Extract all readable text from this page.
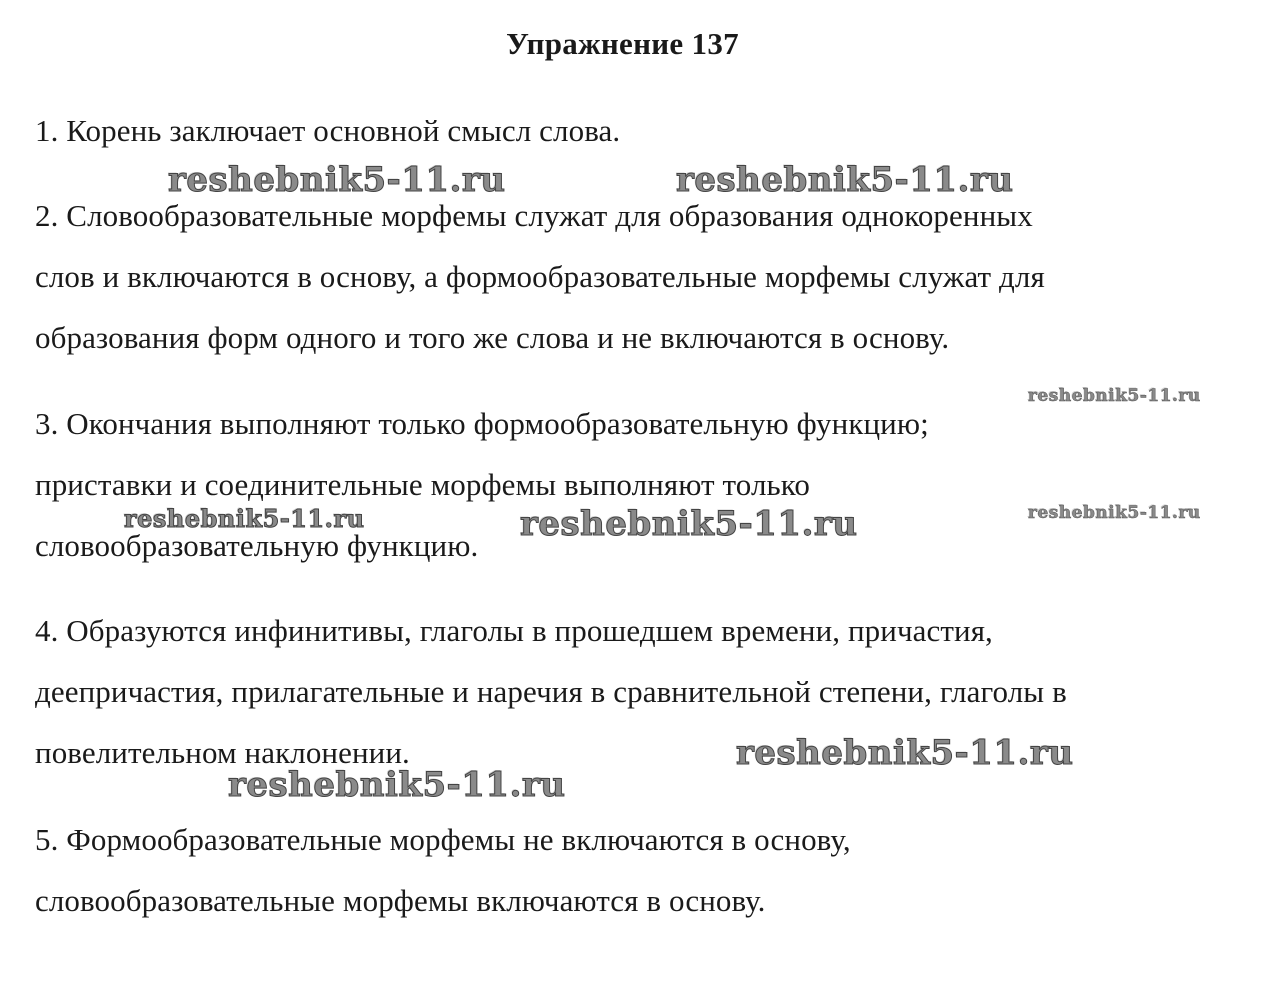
Упражнение 137
1. Корень заключает основной смысл слова.
2. Словообразовательные морфемы служат для образования однокоренных
слов и включаются в основу, а формообразовательные морфемы служат для
образования форм одного и того же слова и не включаются в основу.
3. Окончания выполняют только формообразовательную функцию;
приставки и соединительные морфемы выполняют только
словообразовательную функцию.
4. Образуются инфинитивы, глаголы в прошедшем времени, причастия,
деепричастия, прилагательные и наречия в сравнительной степени, глаголы в
повелительном наклонении.
5. Формообразовательные морфемы не включаются в основу,
словообразовательные морфемы включаются в основу.
reshebnik5-11.ru	reshebnik5-11.ru
reshebnik5-11.ru
reshebnik5-11.ru	reshebnik5-11.ru	reshebnik5-11.ru
reshebnik5-11.ru
reshebnik5-11.ru
